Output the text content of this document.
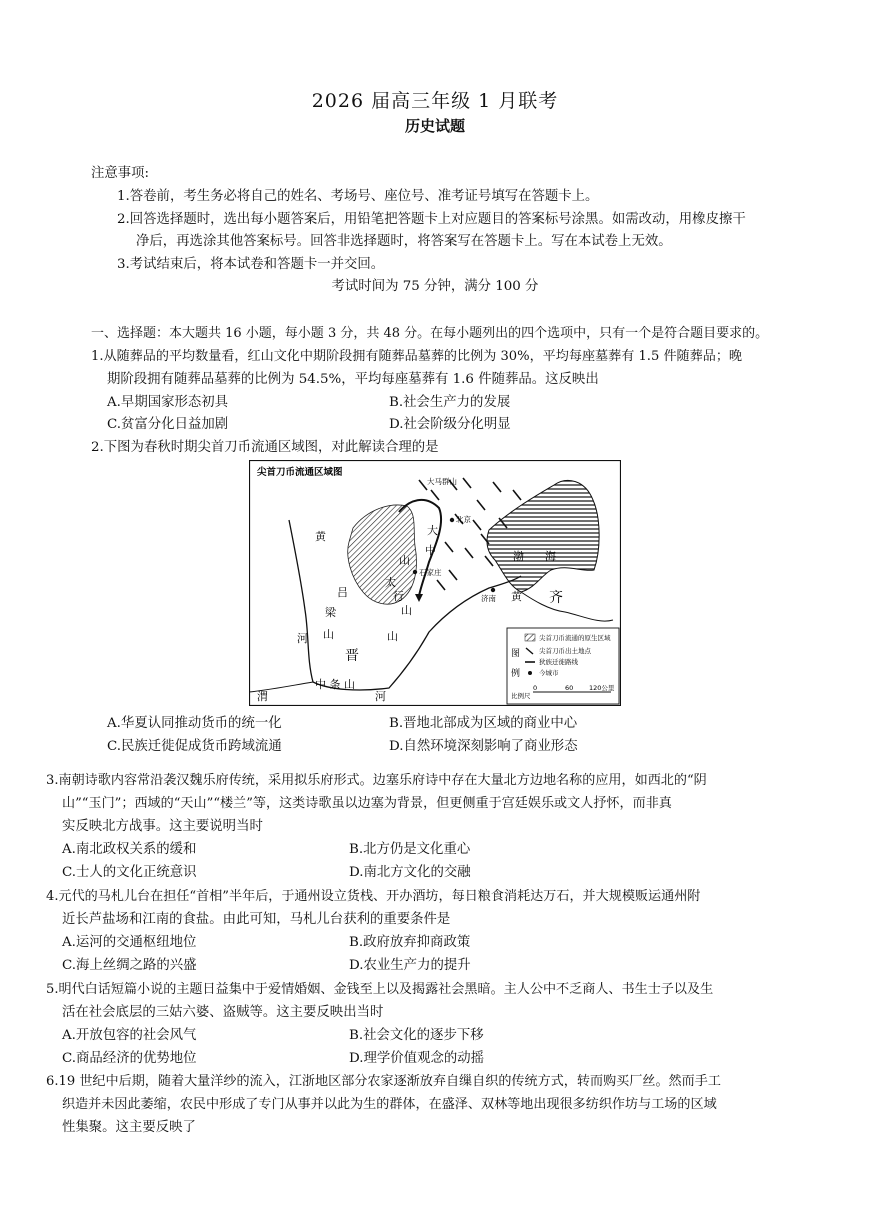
2026 届高三年级 1 月联考
历史试题
注意事项:
1.答卷前，考生务必将自己的姓名、考场号、座位号、准考证号填写在答题卡上。
2.回答选择题时，选出每小题答案后，用铅笔把答题卡上对应题目的答案标号涂黑。如需改动，用橡皮擦干
净后，再选涂其他答案标号。回答非选择题时，将答案写在答题卡上。写在本试卷上无效。
3.考试结束后，将本试卷和答题卡一并交回。
考试时间为 75 分钟，满分 100 分
一、选择题：本大题共 16 小题，每小题 3 分，共 48 分。在每小题列出的四个选项中，只有一个是符合题目要求的。
1.从随葬品的平均数量看，红山文化中期阶段拥有随葬品墓葬的比例为 30%，平均每座墓葬有 1.5 件随葬品；晚
期阶段拥有随葬品墓葬的比例为 54.5%，平均每座墓葬有 1.6 件随葬品。这反映出
A.早期国家形态初具	B.社会生产力的发展
C.贫富分化日益加剧	D.社会阶级分化明显
2.下图为春秋时期尖首刀币流通区域图，对此解读合理的是
尖首刀币流通区域图
大马群山
北京
石家庄
济南
黄	大
中
山
太
行
山
吕
梁
山
河
晋
山
中 条 山
河
渭
渤 海
黄 齐
图
例
尖首刀币流通的原生区域
尖首刀币出土地点
狄族迁徙路线
今城市
比例尺
0	60 120公里
A.华夏认同推动货币的统一化	B.晋地北部成为区域的商业中心
C.民族迁徙促成货币跨域流通	D.自然环境深刻影响了商业形态
3.南朝诗歌内容常沿袭汉魏乐府传统，采用拟乐府形式。边塞乐府诗中存在大量北方边地名称的应用，如西北的“阴
山”“玉门”；西域的“天山”“楼兰”等，这类诗歌虽以边塞为背景，但更侧重于宫廷娱乐或文人抒怀，而非真
实反映北方战事。这主要说明当时
A.南北政权关系的缓和	B.北方仍是文化重心
C.士人的文化正统意识	D.南北方文化的交融
4.元代的马札儿台在担任“首相”半年后，于通州设立货栈、开办酒坊，每日粮食消耗达万石，并大规模贩运通州附
近长芦盐场和江南的食盐。由此可知，马札儿台获利的重要条件是
A.运河的交通枢纽地位	B.政府放弃抑商政策
C.海上丝绸之路的兴盛	D.农业生产力的提升
5.明代白话短篇小说的主题日益集中于爱情婚姻、金钱至上以及揭露社会黑暗。主人公中不乏商人、书生士子以及生
活在社会底层的三姑六婆、盗贼等。这主要反映出当时
A.开放包容的社会风气	B.社会文化的逐步下移
C.商品经济的优势地位	D.理学价值观念的动摇
6.19 世纪中后期，随着大量洋纱的流入，江浙地区部分农家逐渐放弃自缫自织的传统方式，转而购买厂丝。然而手工
织造并未因此萎缩，农民中形成了专门从事并以此为生的群体，在盛泽、双林等地出现很多纺织作坊与工场的区域
性集聚。这主要反映了
